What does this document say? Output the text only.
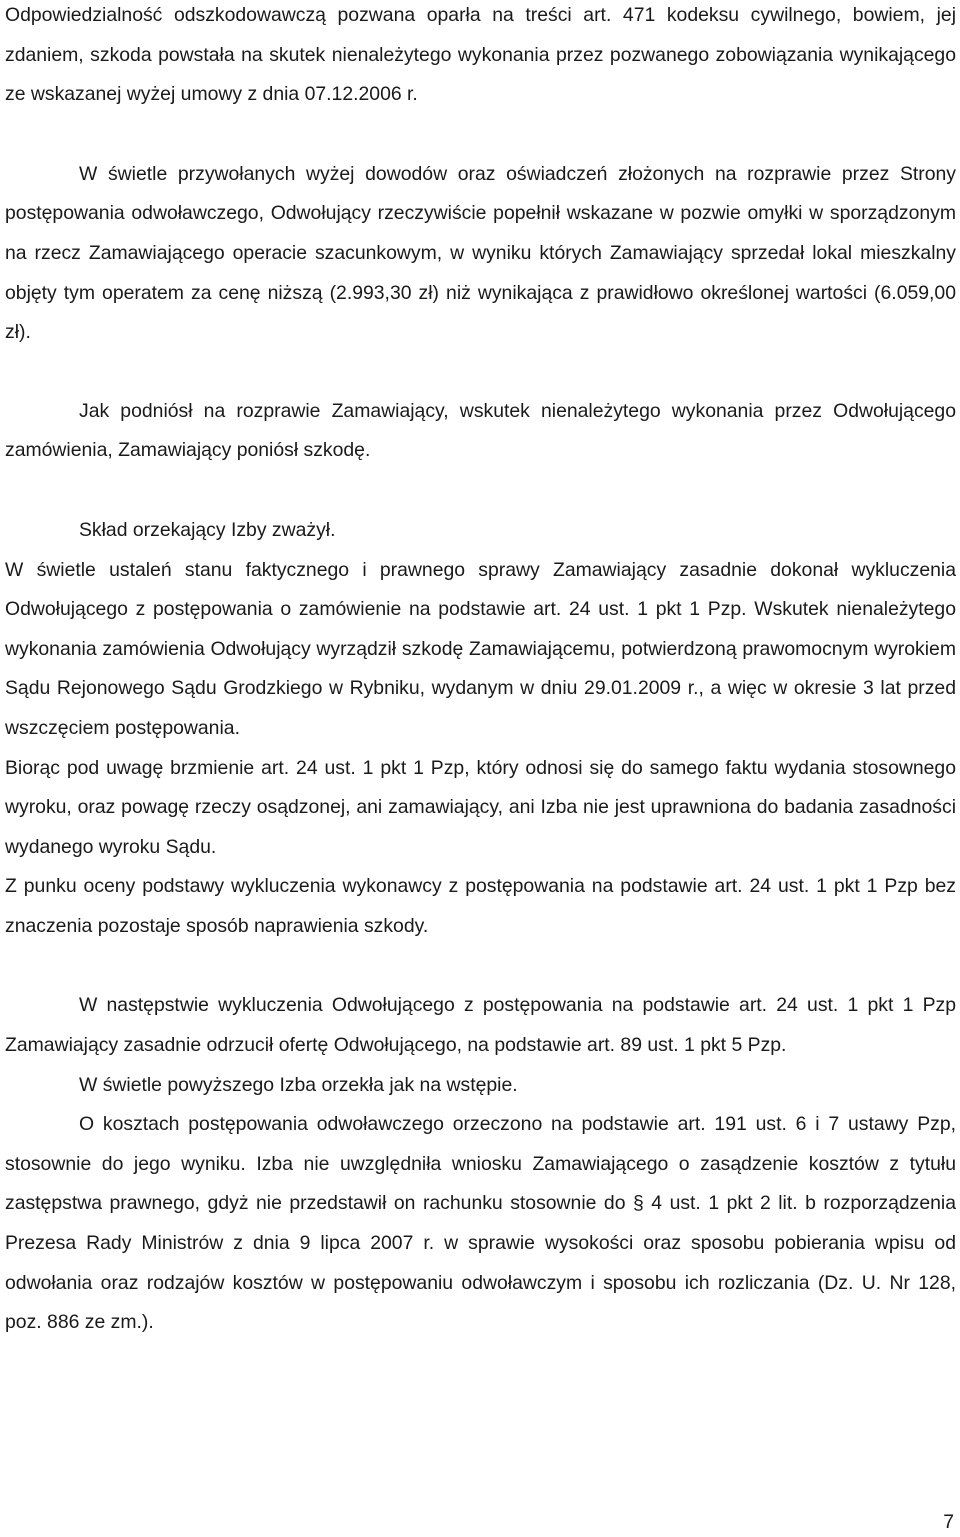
Odpowiedzialność odszkodowawczą pozwana oparła na treści art. 471 kodeksu cywilnego, bowiem, jej zdaniem, szkoda powstała na skutek nienależytego wykonania przez pozwanego zobowiązania wynikającego ze wskazanej wyżej umowy z dnia 07.12.2006 r.

W świetle przywołanych wyżej dowodów oraz oświadczeń złożonych na rozprawie przez Strony postępowania odwoławczego, Odwołujący rzeczywiście popełnił wskazane w pozwie omyłki w sporządzonym na rzecz Zamawiającego operacie szacunkowym, w wyniku których Zamawiający sprzedał lokal mieszkalny objęty tym operatem za cenę niższą (2.993,30 zł) niż wynikająca z prawidłowo określonej wartości (6.059,00 zł).

Jak podniósł na rozprawie Zamawiający, wskutek nienależytego wykonania przez Odwołującego zamówienia, Zamawiający poniósł szkodę.

Skład orzekający Izby zważył.

W świetle ustaleń stanu faktycznego i prawnego sprawy Zamawiający zasadnie dokonał wykluczenia Odwołującego z postępowania o zamówienie na podstawie art. 24 ust. 1 pkt 1 Pzp. Wskutek nienależytego wykonania zamówienia Odwołujący wyrządził szkodę Zamawiającemu, potwierdzoną prawomocnym wyrokiem Sądu Rejonowego Sądu Grodzkiego w Rybniku, wydanym w dniu 29.01.2009 r., a więc w okresie 3 lat przed wszczęciem postępowania.

Biorąc pod uwagę brzmienie art. 24 ust. 1 pkt 1 Pzp, który odnosi się do samego faktu wydania stosownego wyroku, oraz powagę rzeczy osądzonej, ani zamawiający, ani Izba nie jest uprawniona do badania zasadności wydanego wyroku Sądu.

Z punku oceny podstawy wykluczenia wykonawcy z postępowania na podstawie art. 24 ust. 1 pkt 1 Pzp bez znaczenia pozostaje sposób naprawienia szkody.

W następstwie wykluczenia Odwołującego z postępowania na podstawie art. 24 ust. 1 pkt 1 Pzp Zamawiający zasadnie odrzucił ofertę Odwołującego, na podstawie art. 89 ust. 1 pkt 5 Pzp.

W świetle powyższego Izba orzekła jak na wstępie.

O kosztach postępowania odwoławczego orzeczono na podstawie art. 191 ust. 6 i 7 ustawy Pzp, stosownie do jego wyniku. Izba nie uwzględniła wniosku Zamawiającego o zasądzenie kosztów z tytułu zastępstwa prawnego, gdyż nie przedstawił on rachunku stosownie do § 4 ust. 1 pkt 2 lit. b rozporządzenia Prezesa Rady Ministrów z dnia 9 lipca 2007 r. w sprawie wysokości oraz sposobu pobierania wpisu od odwołania oraz rodzajów kosztów w postępowaniu odwoławczym i sposobu ich rozliczania (Dz. U. Nr 128, poz. 886 ze zm.).

7
